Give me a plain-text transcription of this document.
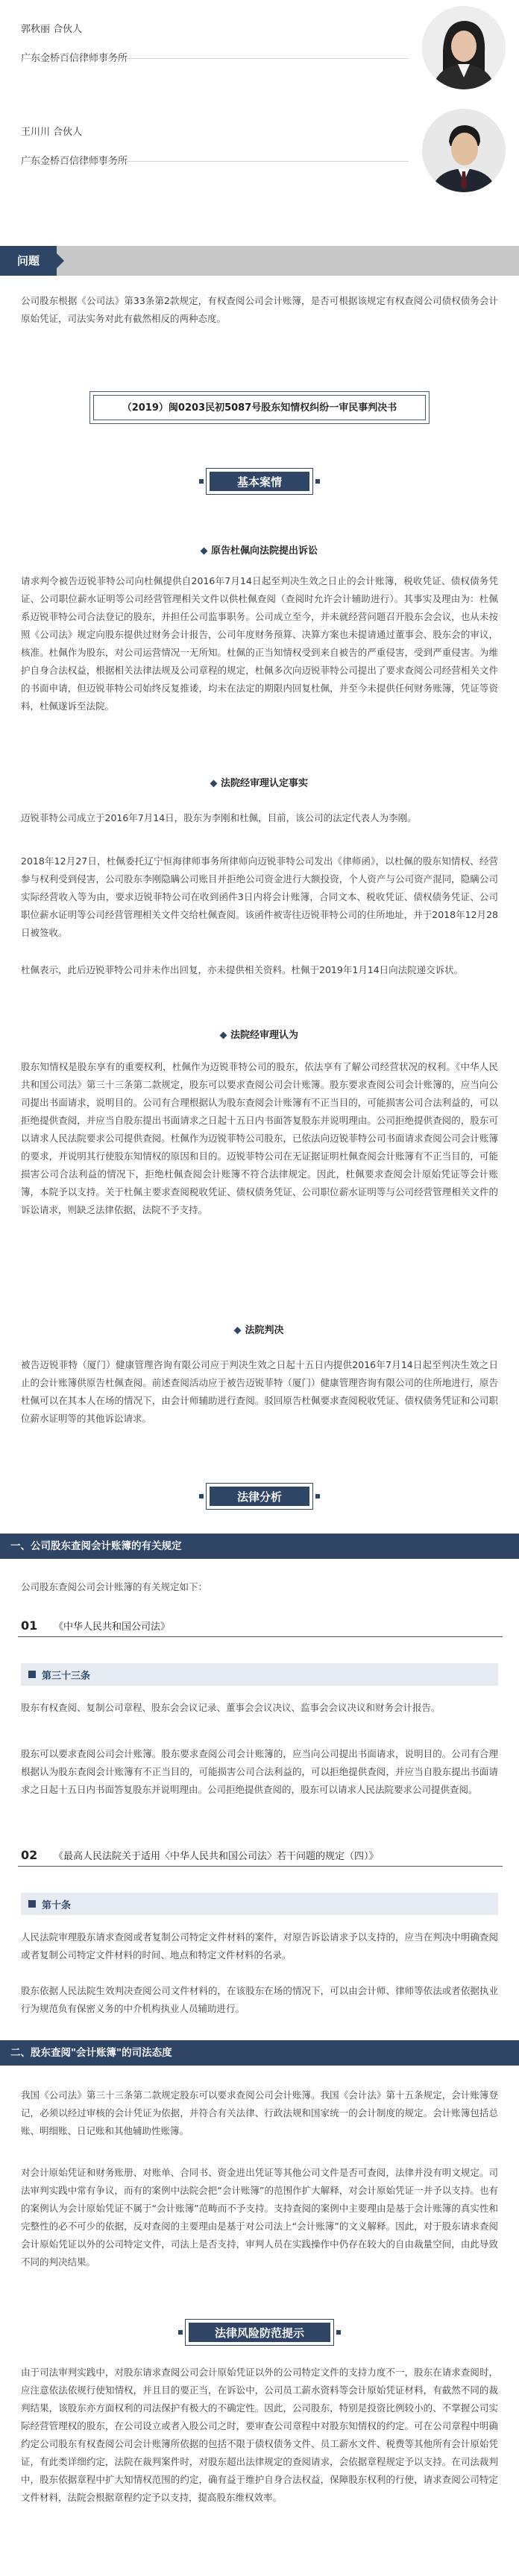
郭秋丽 合伙人
广东金桥百信律师事务所
王川川 合伙人
广东金桥百信律师事务所
问题
公司股东根据《公司法》第33条第2款规定，有权查阅公司会计账簿，是否可根据该规定有权查阅公司债权债务会计原始凭证，司法实务对此有截然相反的两种态度。
（2019）闽0203民初5087号股东知情权纠纷一审民事判决书
基本案情
原告杜佩向法院提出诉讼
请求判令被告迈锐菲特公司向杜佩提供自2016年7月14日起至判决生效之日止的会计账簿，税收凭证、债权债务凭证、公司职位薪水证明等公司经营管理相关文件以供杜佩查阅（查阅时允许会计辅助进行）。其事实及理由为：杜佩系迈锐菲特公司合法登记的股东，并担任公司监事职务。公司成立至今，并未就经营问题召开股东会会议，也从未按照《公司法》规定向股东提供过财务会计报告，公司年度财务预算、决算方案也未提请通过董事会、股东会的审议，核准。杜佩作为股东，对公司运营情况一无所知。杜佩的正当知情权受到来自被告的严重侵害，受到严重侵害。为维护自身合法权益，根据相关法律法规及公司章程的规定，杜佩多次向迈锐菲特公司提出了要求查阅公司经营相关文件的书面申请，但迈锐菲特公司始终反复推诿，均未在法定的期限内回复杜佩，并至今未提供任何财务账簿，凭证等资料，杜佩遂诉至法院。
法院经审理认定事实
迈锐菲特公司成立于2016年7月14日，股东为李刚和杜佩，目前，该公司的法定代表人为李刚。
2018年12月27日，杜佩委托辽宁恒海律师事务所律师向迈锐菲特公司发出《律师函》，以杜佩的股东知情权、经营参与权利受到侵害，公司股东李刚隐瞒公司账目并拒绝公司资金进行大额投资，个人资产与公司资产混同，隐瞒公司实际经营收入等为由，要求迈锐菲特公司在收到函件3日内将会计账簿，合同文本、税收凭证、债权债务凭证、公司职位薪水证明等公司经营管理相关文件交给杜佩查阅。该函件被寄往迈锐菲特公司的住所地址，并于2018年12月28日被签收。
杜佩表示，此后迈锐菲特公司并未作出回复，亦未提供相关资料。杜佩于2019年1月14日向法院递交诉状。
法院经审理认为
股东知情权是股东享有的重要权利，杜佩作为迈锐菲特公司的股东，依法享有了解公司经营状况的权利。《中华人民共和国公司法》第三十三条第二款规定，股东可以要求查阅公司会计账簿。股东要求查阅公司会计账簿的，应当向公司提出书面请求，说明目的。公司有合理根据认为股东查阅会计账簿有不正当目的，可能损害公司合法利益的，可以拒绝提供查阅，并应当自股东提出书面请求之日起十五日内书面答复股东并说明理由。公司拒绝提供查阅的，股东可以请求人民法院要求公司提供查阅。杜佩作为迈锐菲特公司股东，已依法向迈锐菲特公司书面请求查阅公司会计账簿的要求，并说明其行使股东知情权的原因和目的。迈锐菲特公司在无证据证明杜佩查阅会计账簿有不正当目的，可能损害公司合法利益的情况下，拒绝杜佩查阅会计账簿不符合法律规定。因此，杜佩要求查阅会计原始凭证等会计账簿，本院予以支持。关于杜佩主要求查阅税收凭证、债权债务凭证、公司职位薪水证明等与公司经营管理相关文件的诉讼请求，则缺乏法律依据，法院不予支持。
法院判决
被告迈锐菲特（厦门）健康管理咨询有限公司应于判决生效之日起十五日内提供2016年7月14日起至判决生效之日止的会计账簿供原告杜佩查阅。前述查阅活动应于被告迈锐菲特（厦门）健康管理咨询有限公司的住所地进行，原告杜佩可以在其本人在场的情况下，由会计师辅助进行查阅。驳回原告杜佩要求查阅税收凭证、债权债务凭证和公司职位薪水证明等的其他诉讼请求。
法律分析
一、公司股东查阅会计账簿的有关规定
公司股东查阅公司会计账簿的有关规定如下：
01 《中华人民共和国公司法》
第三十三条
股东有权查阅、复制公司章程、股东会会议记录、董事会会议决议、监事会会议决议和财务会计报告。
股东可以要求查阅公司会计账簿。股东要求查阅公司会计账簿的，应当向公司提出书面请求，说明目的。公司有合理根据认为股东查阅会计账簿有不正当目的，可能损害公司合法利益的，可以拒绝提供查阅，并应当自股东提出书面请求之日起十五日内书面答复股东并说明理由。公司拒绝提供查阅的，股东可以请求人民法院要求公司提供查阅。
02 《最高人民法院关于适用〈中华人民共和国公司法〉若干问题的规定（四）》
第十条
人民法院审理股东请求查阅或者复制公司特定文件材料的案件，对原告诉讼请求予以支持的，应当在判决中明确查阅或者复制公司特定文件材料的时间、地点和特定文件材料的名录。
股东依据人民法院生效判决查阅公司文件材料的，在该股东在场的情况下，可以由会计师、律师等依法或者依据执业行为规范负有保密义务的中介机构执业人员辅助进行。
二、股东查阅"会计账簿"的司法态度
我国《公司法》第三十三条第二款规定股东可以要求查阅公司会计账簿。我国《会计法》第十五条规定，会计账簿登记，必须以经过审核的会计凭证为依据，并符合有关法律、行政法规和国家统一的会计制度的规定。会计账簿包括总账、明细账、日记账和其他辅助性账簿。
对会计原始凭证和财务账册、对账单、合同书、资金进出凭证等其他公司文件是否可查阅，法律并没有明文规定。司法审判实践中常有争议，而有的案例中法院会把“会计账簿”的范围作扩大解释，对会计原始凭证一并予以支持。也有的案例认为会计原始凭证不属于“会计账簿”范畴而不予支持。支持查阅的案例中主要理由是基于会计账簿的真实性和完整性的必不可少的依据，反对查阅的主要理由是基于对公司法上“会计账簿”的文义解释。因此，对于股东请求查阅会计原始凭证以外的公司特定文件，司法上是否支持，审判人员在实践操作中仍存在较大的自由裁量空间，由此导致不同的判决结果。
法律风险防范提示
由于司法审判实践中，对股东请求查阅公司会计原始凭证以外的公司特定文件的支持力度不一，股东在请求查阅时，应注意依法依规行使知情权，并且目的要正当，在诉讼中，公司员工薪水资料等会计原始凭证材料，有截然不同的裁判结果，该股东亦方面权利的司法保护有极大的不确定性。因此，公司股东，特别是投资比例较小的、不掌握公司实际经营管理权的股东，在公司设立或者入股公司之时，要审查公司章程中对股东知情权的约定。可在公司章程中明确约定公司股东有权查阅公司会计账簿所依据的包括不限于债权债务文件、员工薪水文件、税费等其他所有会计原始凭证，有此类详细约定，法院在裁判案件时，对股东超出法律规定的查阅请求，会依据章程规定予以支持。在司法裁判中，股东依据章程中扩大知情权范围的约定，确有益于维护自身合法权益，保障股东权利的行使，请求查阅公司特定文件材料，法院会根据章程约定予以支持，提高股东维权效率。
